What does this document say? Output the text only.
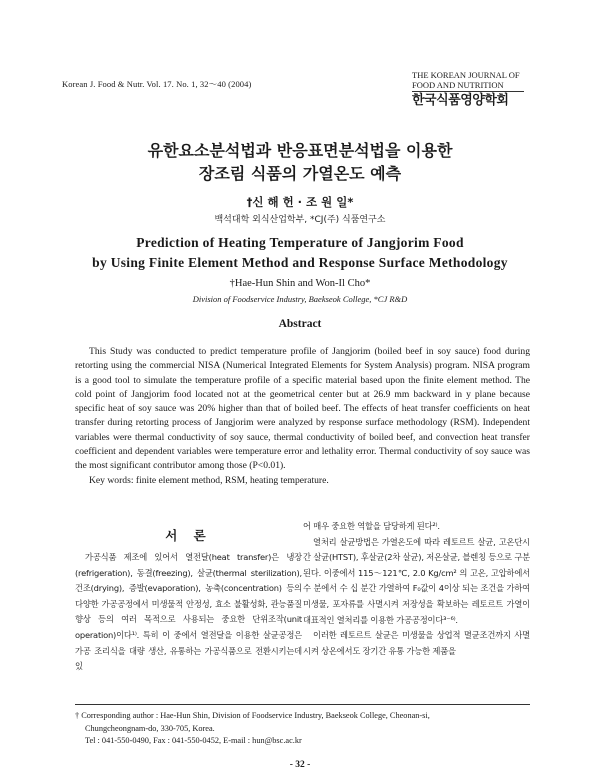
Korean J. Food & Nutr. Vol. 17. No. 1, 32～40 (2004)
THE KOREAN JOURNAL OF
FOOD AND NUTRITION
한국식품영양학회
유한요소분석법과 반응표면분석법을 이용한
장조림 식품의 가열온도 예측
†신 해 헌 · 조 원 일*
백석대학 외식산업학부, *CJ(주) 식품연구소
Prediction of Heating Temperature of Jangjorim Food
by Using Finite Element Method and Response Surface Methodology
†Hae-Hun Shin and Won-Il Cho*
Division of Foodservice Industry, Baekseok College, *CJ R&D
Abstract

This Study was conducted to predict temperature profile of Jangjorim (boiled beef in soy sauce) food during retorting using the commercial NISA (Numerical Integrated Elements for System Analysis) program. NISA program is a good tool to simulate the temperature profile of a specific material based upon the finite element method. The cold point of Jangjorim food located not at the geometrical center but at 26.9 mm backward in y plane because specific heat of soy sauce was 20% higher than that of boiled beef. The effects of heat transfer coefficients on heat transfer during retorting process of Jangjorim were analyzed by response surface methodology (RSM). Independent variables were thermal conductivity of soy sauce, thermal conductivity of boiled beef, and convection heat transfer coefficient and dependent variables were temperature error and lethality error. Thermal conductivity of soy sauce was the most significant contributor among those (P<0.01).

Key words: finite element method, RSM, heating temperature.

서 론

가공식품 제조에 있어서 열전달(heat transfer)은 냉장(refrigeration), 동결(freezing), 살균(thermal sterilization), 건조(drying), 증발(evaporation), 농축(concentration) 등의 다양한 가공공정에서 미생물적 안정성, 효소 불활성화, 관능품질 향상 등의 여러 목적으로 사용되는 중요한 단위조작(unit operation)이다¹⁾. 특히 이 중에서 열전달을 이용한 살균공정은 가공 조리식을 대량 생산, 유통하는 가공식품으로 전환시키는데 있

어 매우 중요한 역할을 담당하게 된다²⁾.

열처리 살균방법은 가열온도에 따라 레토르트 살균, 고온단시간 살균(HTST), 후살균(2차 살균), 저온살균, 블렌칭 등으로 구분된다. 이중에서 115～121℃, 2.0 Kg/cm² 의 고온, 고압하에서 수 분에서 수 십 분간 가열하여 F₀값이 4이상 되는 조건을 가하여 미생물, 포자류를 사멸시켜 저장성을 확보하는 레토르트 가열이 대표적인 열처리를 이용한 가공공정이다³⁻⁶⁾.

이러한 레토르트 살균은 미생물을 상업적 멸균조건까지 사멸시켜 상온에서도 장기간 유통 가능한 제품을

† Corresponding author : Hae-Hun Shin, Division of Foodservice Industry, Baekseok College, Cheonan-si,
Chungcheongnam-do, 330-705, Korea.
Tel : 041-550-0490, Fax : 041-550-0452, E-mail : hun@bsc.ac.kr
- 32 -
